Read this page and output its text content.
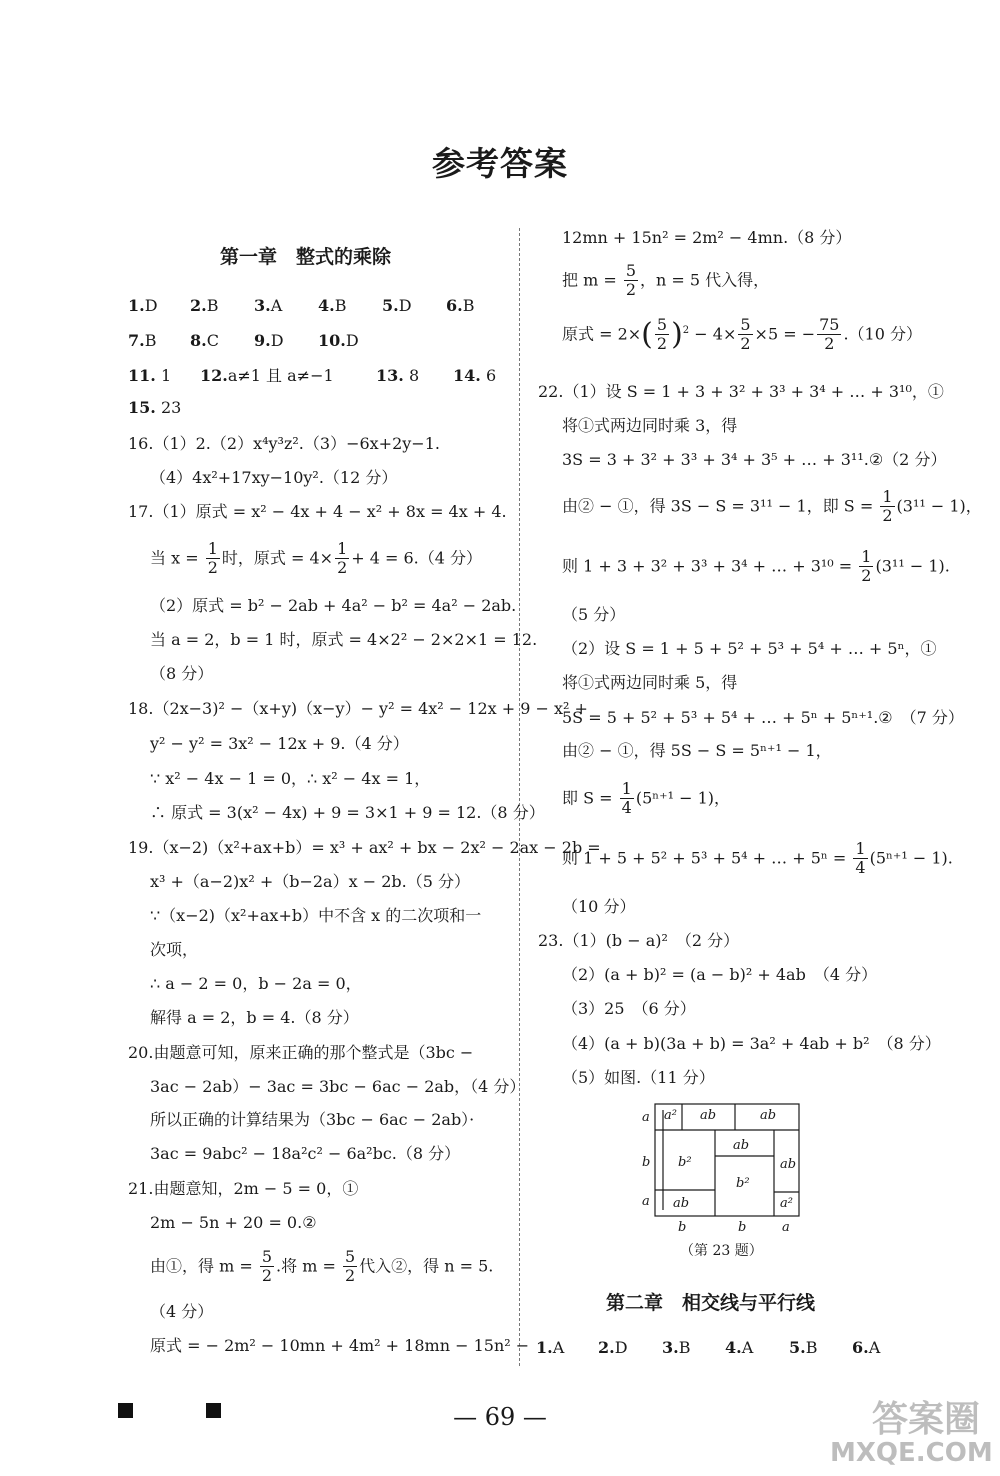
参考答案
第一章　整式的乘除
1.D 2.B 3.A 4.B 5.D 6.B
7.B 8.C 9.D 10.D
11. 1 12.a≠1 且 a≠−1	13. 8 14. 6
15. 23
16.（1）2.（2）x⁴y³z².（3）−6x+2y−1.
（4）4x²+17xy−10y².（12 分）
17.（1）原式 = x² − 4x + 4 − x² + 8x = 4x + 4.
当 $x = \frac{1}{2}$ 时，原式 = $4\times \frac{1}{2} + 4 = 6.(4$ 分）
（2）原式 = b² − 2ab + 4a² − b² = 4a² − 2ab.
当 a = 2，b = 1 时，原式 = 4×2² − 2×2×1 = 12.
（8 分）
18.（2x−3)² −（x+y)（x−y）− y² = 4x² − 12x + 9 − x² +
y² − y² = 3x² − 12x + 9.（4 分）
∵ x² − 4x − 1 = 0，∴ x² − 4x = 1，
∴ 原式 = 3(x² − 4x) + 9 = 3×1 + 9 = 12.（8 分）
19.（x−2)（x²+ax+b）= x³ + ax² + bx − 2x² − 2ax − 2b =
x³ +（a−2)x² +（b−2a）x − 2b.（5 分）
∵（x−2)（x²+ax+b）中不含 x 的二次项和一
次项，
∴ a − 2 = 0，b − 2a = 0，
解得 a = 2，b = 4.（8 分）
20.由题意可知，原来正确的那个整式是（3bc −
3ac − 2ab）− 3ac = 3bc − 6ac − 2ab，（4 分）
所以正确的计算结果为（3bc − 6ac − 2ab）·
3ac = 9abc² − 18a²c² − 6a²bc.（8 分）
21.由题意知，2m − 5 = 0，①
2m − 5n + 20 = 0.②
由①，得 $m = \frac{5}{2}$ .将 $m = \frac{5}{2}$ 代入②，得 n = 5.
（4 分）
原式 = − 2m² − 10mn + 4m² + 18mn − 15n² −
12mn + 15n² = 2m² − 4mn.（8 分）
把 $m = \frac{5}{2}$ ，n = 5 代入得，
原式 = $2\times( \frac{5}{2} )^2 - 4\times \frac{5}{2} \times 5$ = − $\frac{75}{2} .(10$ 分）
22.（1）设 S = 1 + 3 + 3² + 3³ + 3⁴ + … + 3¹⁰，①
将①式两边同时乘 3，得
3S = 3 + 3² + 3³ + 3⁴ + 3⁵ + … + 3¹¹.②（2 分）
由② − ①，得 3S − S = 3¹¹ − 1，即 $S = \frac{1}{2} (3^{11} - 1)$，
则 1 + 3 + 3² + 3³ + 3⁴ + … + $3^{10} = \frac{1}{2} (3^{11} - 1)$.
（5 分）
（2）设 S = 1 + 5 + 5² + 5³ + 5⁴ + … + 5ⁿ，①
将①式两边同时乘 5，得
5S = 5 + 5² + 5³ + 5⁴ + … + 5ⁿ + 5ⁿ⁺¹.②　（7 分）
由② − ①，得 5S − S = 5ⁿ⁺¹ − 1，
即 $S = \frac{1}{4} (5^{n+1} - 1)$，
则 1 + 5 + 5² + 5³ + 5⁴ + … + $5^n = \frac{1}{4} (5^{n+1} - 1)$.
（10 分）
23.（1）(b − a)²　（2 分）
（2）(a + b)² = (a − b)² + 4ab　（4 分）
（3）25　（6 分）
（4）(a + b)(3a + b) = 3a² + 4ab + b²　（8 分）
（5）如图.（11 分）
a a² ab	ab
b b²
ab
b²
ab
a ab	a²
b	b	a
（第 23 题）
第二章　相交线与平行线
1.A 2.D 3.B 4.A 5.B 6.A
— 69 —	答案圈
MXQE.COM
